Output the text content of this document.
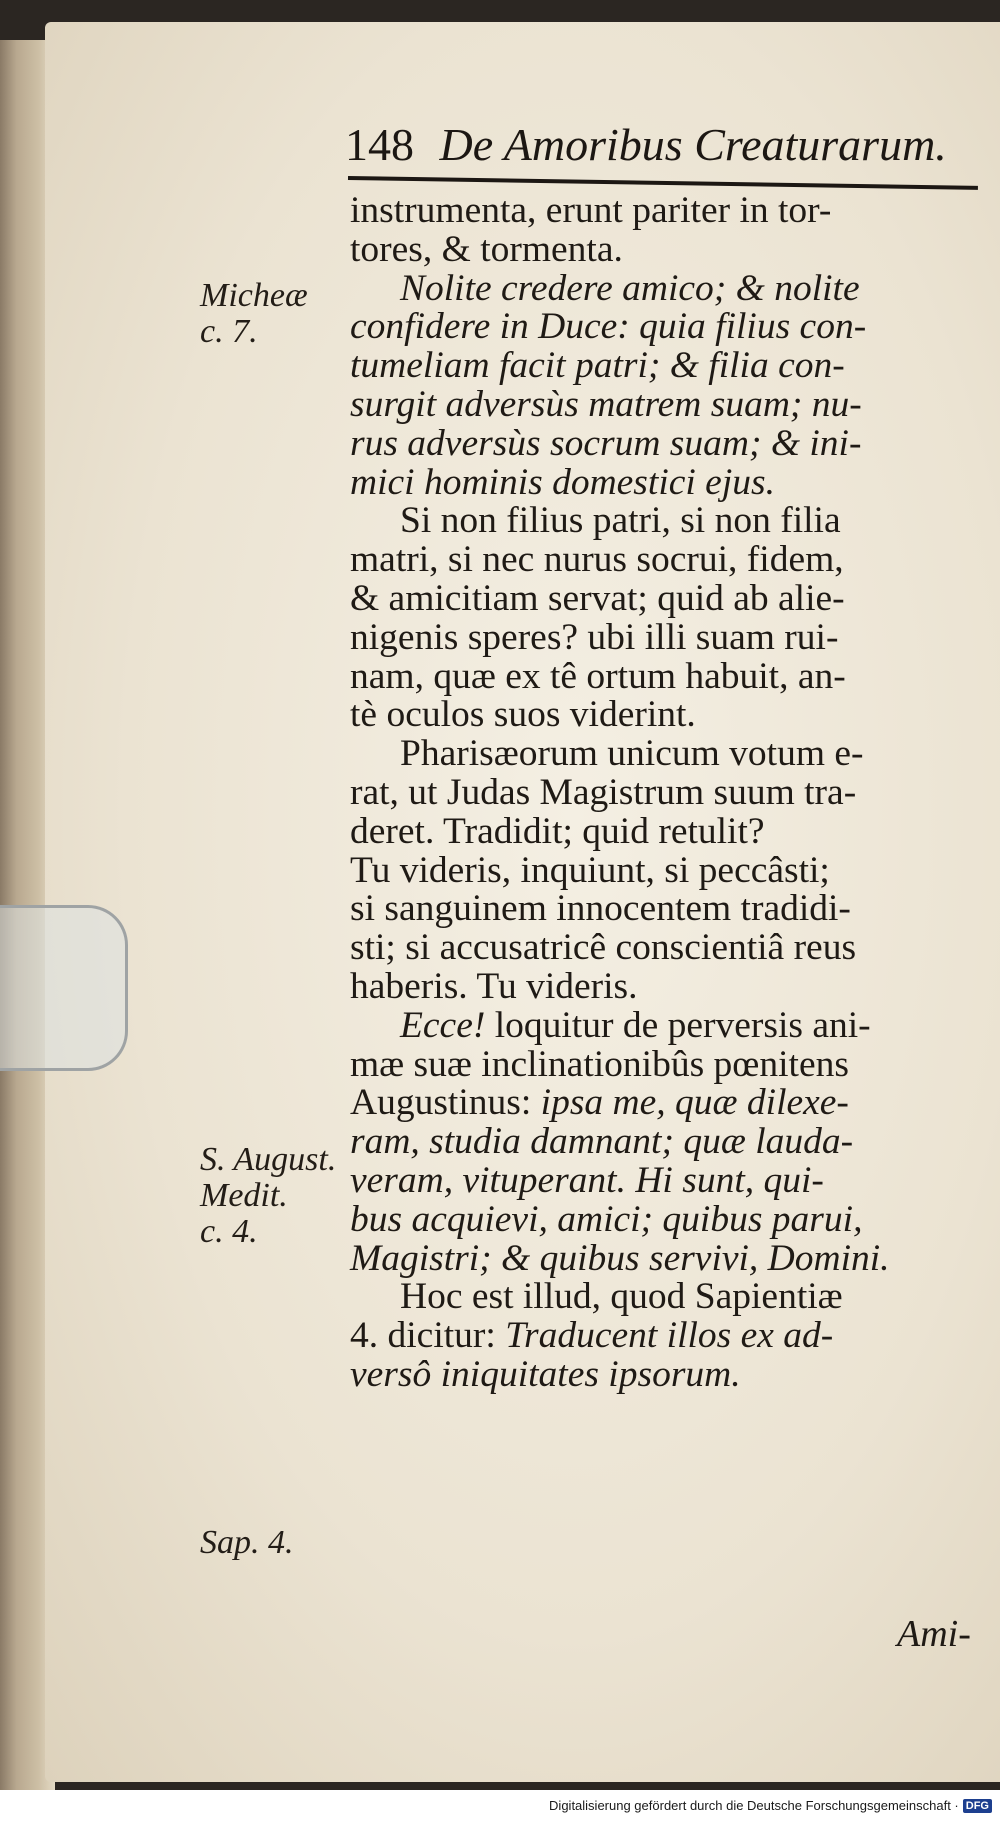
148 De Amoribus Creaturarum.
Micheæ
c. 7.
S. August.
Medit.
c. 4.
Sap. 4.
instrumenta, erunt pariter in tor-
tores, & tormenta.
Nolite credere amico; & nolite
confidere in Duce: quia filius con-
tumeliam facit patri; & filia con-
surgit adversùs matrem suam; nu-
rus adversùs socrum suam; & ini-
mici hominis domestici ejus.
Si non filius patri, si non filia
matri, si nec nurus socrui, fidem,
& amicitiam servat; quid ab alie-
nigenis speres? ubi illi suam rui-
nam, quæ ex tê ortum habuit, an-
tè oculos suos viderint.
Pharisæorum unicum votum e-
rat, ut Judas Magistrum suum tra-
deret. Tradidit; quid retulit?
Tu videris, inquiunt, si peccâsti;
si sanguinem innocentem tradidi-
sti; si accusatricê conscientiâ reus
haberis. Tu videris.
Ecce! loquitur de perversis ani-
mæ suæ inclinationibûs pœnitens
Augustinus: ipsa me, quæ dilexe-
ram, studia damnant; quæ lauda-
veram, vituperant. Hi sunt, qui-
bus acquievi, amici; quibus parui,
Magistri; & quibus servivi, Domini.
Hoc est illud, quod Sapientiæ
4. dicitur: Traducent illos ex ad-
versô iniquitates ipsorum.
Ami-
Digitalisierung gefördert durch die Deutsche Forschungsgemeinschaft · DFG
